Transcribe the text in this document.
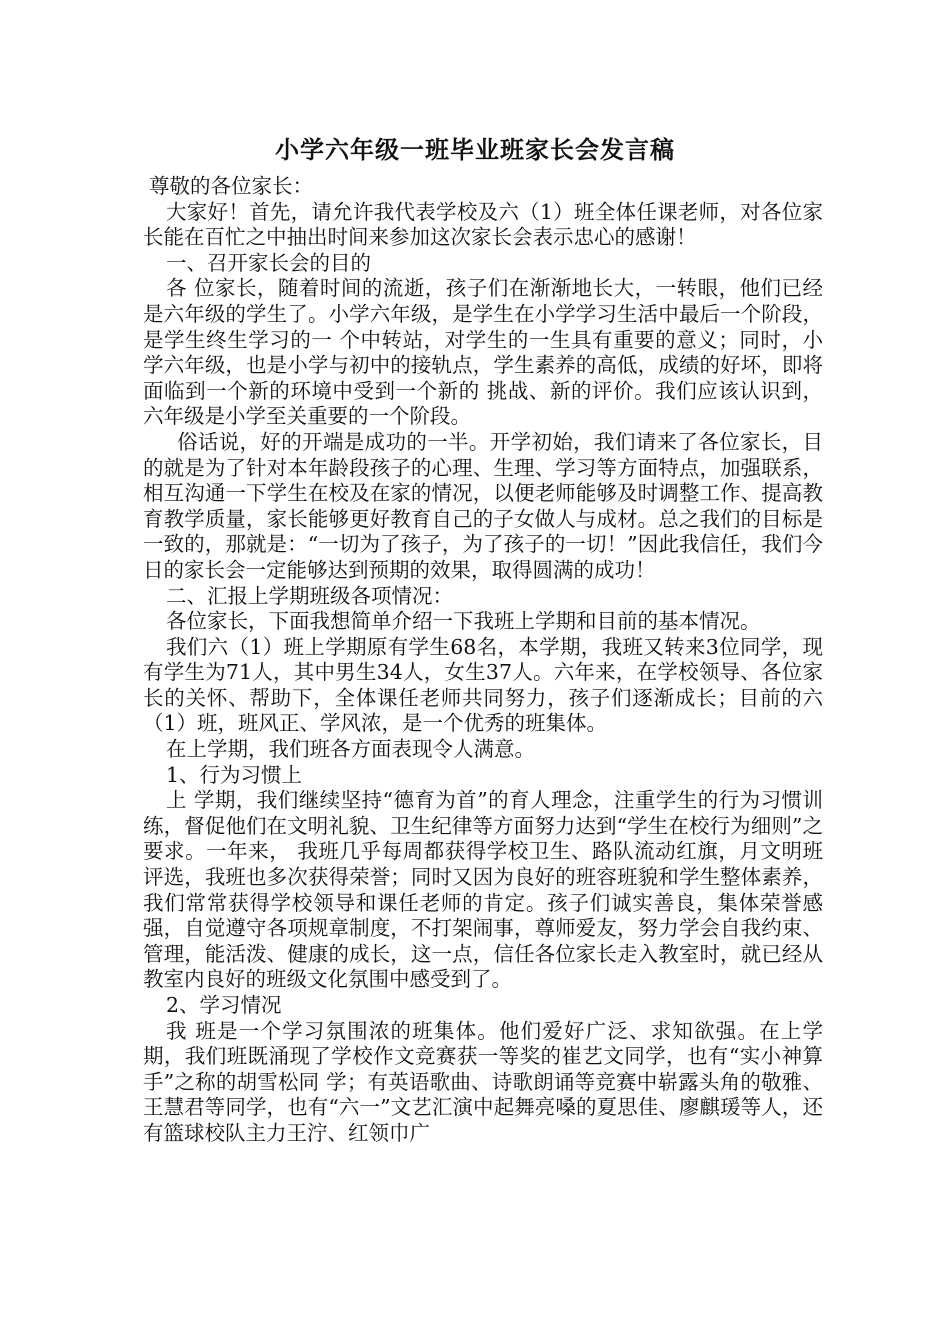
小学六年级一班毕业班家长会发言稿

尊敬的各位家长：

大家好！首先，请允许我代表学校及六（1）班全体任课老师，对各位家长能在百忙之中抽出时间来参加这次家长会表示忠心的感谢！

一、召开家长会的目的

各 位家长，随着时间的流逝，孩子们在渐渐地长大，一转眼，他们已经是六年级的学生了。小学六年级，是学生在小学学习生活中最后一个阶段，是学生终生学习的一 个中转站，对学生的一生具有重要的意义；同时，小学六年级，也是小学与初中的接轨点，学生素养的高低，成绩的好坏，即将面临到一个新的环境中受到一个新的 挑战、新的评价。我们应该认识到，六年级是小学至关重要的一个阶段。

俗话说，好的开端是成功的一半。开学初始，我们请来了各位家长，目的就是为了针对本年龄段孩子的心理、生理、学习等方面特点，加强联系，相互沟通一下学生在校及在家的情况，以便老师能够及时调整工作、提高教育教学质量，家长能够更好教育自己的子女做人与成材。总之我们的目标是一致的，那就是：“一切为了孩子，为了孩子的一切！”因此我信任，我们今日的家长会一定能够达到预期的效果，取得圆满的成功！

二、汇报上学期班级各项情况：

各位家长，下面我想简单介绍一下我班上学期和目前的基本情况。

我们六（1）班上学期原有学生68名，本学期，我班又转来3位同学，现有学生为71人，其中男生34人，女生37人。六年来，在学校领导、各位家长的关怀、帮助下，全体课任老师共同努力，孩子们逐渐成长；目前的六（1）班，班风正、学风浓，是一个优秀的班集体。

在上学期，我们班各方面表现令人满意。

1、行为习惯上

上 学期，我们继续坚持“德育为首”的育人理念，注重学生的行为习惯训练，督促他们在文明礼貌、卫生纪律等方面努力达到“学生在校行为细则”之要求。一年来， 我班几乎每周都获得学校卫生、路队流动红旗，月文明班评选，我班也多次获得荣誉；同时又因为良好的班容班貌和学生整体素养，我们常常获得学校领导和课任老师的肯定。孩子们诚实善良，集体荣誉感强，自觉遵守各项规章制度，不打架闹事，尊师爱友，努力学会自我约束、管理，能活泼、健康的成长，这一点，信任各位家长走入教室时，就已经从教室内良好的班级文化氛围中感受到了。

2、学习情况

我 班是一个学习氛围浓的班集体。他们爱好广泛、求知欲强。在上学期，我们班既涌现了学校作文竞赛获一等奖的崔艺文同学，也有“实小神算手”之称的胡雪松同 学；有英语歌曲、诗歌朗诵等竞赛中崭露头角的敬雅、王慧君等同学，也有“六一”文艺汇演中起舞亮嗓的夏思佳、廖麒瑗等人，还有篮球校队主力王泞、红领巾广
